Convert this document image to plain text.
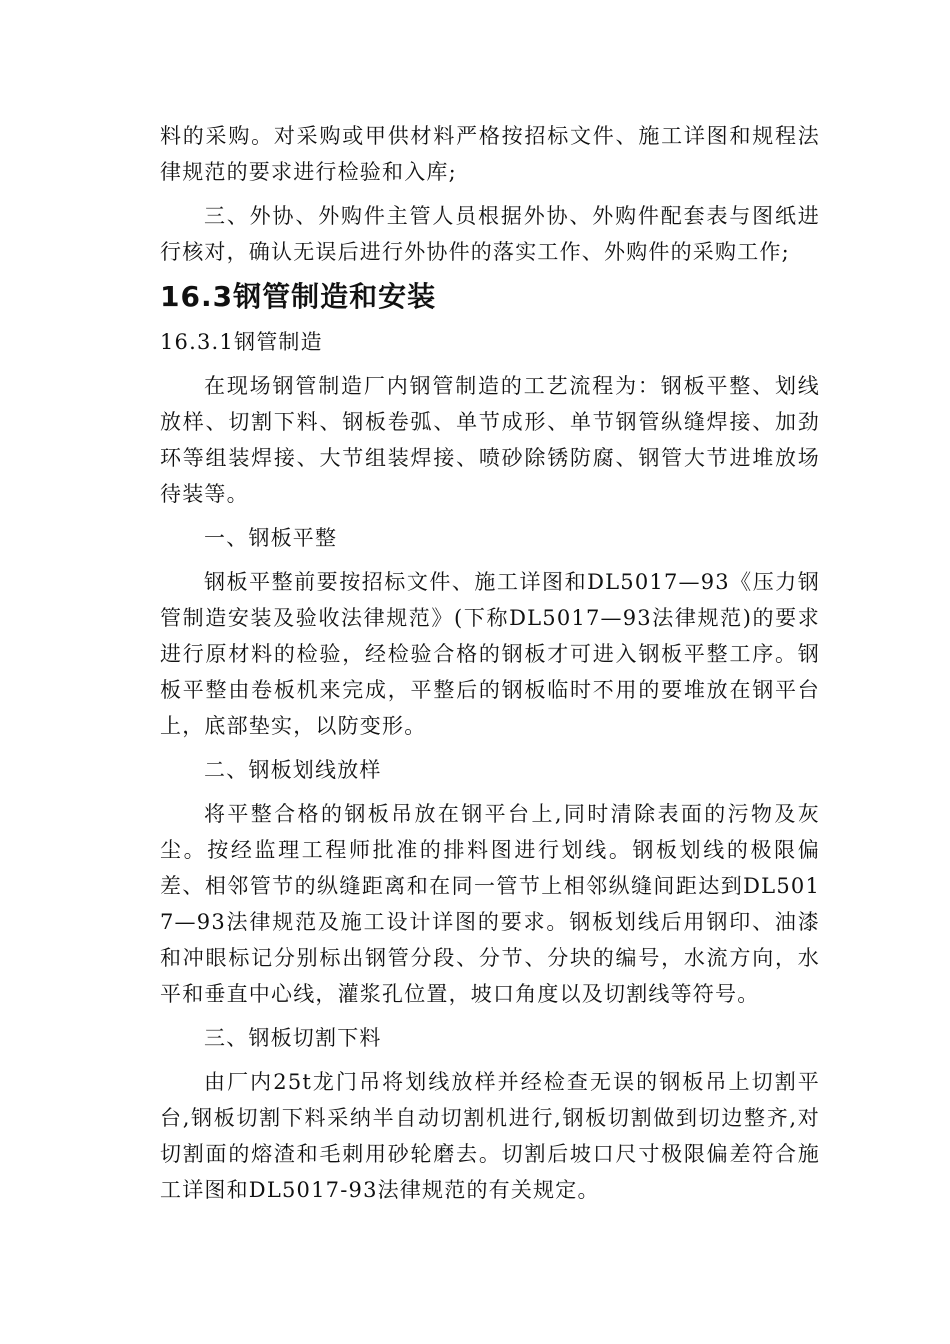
料的采购。对采购或甲供材料严格按招标文件、施工详图和规程法律规范的要求进行检验和入库;

三、外协、外购件主管人员根据外协、外购件配套表与图纸进行核对，确认无误后进行外协件的落实工作、外购件的采购工作;

16.3钢管制造和安装
16.3.1钢管制造

在现场钢管制造厂内钢管制造的工艺流程为：钢板平整、划线放样、切割下料、钢板卷弧、单节成形、单节钢管纵缝焊接、加劲环等组装焊接、大节组装焊接、喷砂除锈防腐、钢管大节进堆放场待装等。

一、钢板平整

钢板平整前要按招标文件、施工详图和DL5017—93《压力钢管制造安装及验收法律规范》(下称DL5017—93法律规范)的要求进行原材料的检验，经检验合格的钢板才可进入钢板平整工序。钢板平整由卷板机来完成，平整后的钢板临时不用的要堆放在钢平台上，底部垫实，以防变形。

二、钢板划线放样

将平整合格的钢板吊放在钢平台上,同时清除表面的污物及灰尘。按经监理工程师批准的排料图进行划线。钢板划线的极限偏差、相邻管节的纵缝距离和在同一管节上相邻纵缝间距达到DL5017—93法律规范及施工设计详图的要求。钢板划线后用钢印、油漆和冲眼标记分别标出钢管分段、分节、分块的编号，水流方向，水平和垂直中心线，灌浆孔位置，坡口角度以及切割线等符号。

三、钢板切割下料

由厂内25t龙门吊将划线放样并经检查无误的钢板吊上切割平台,钢板切割下料采纳半自动切割机进行,钢板切割做到切边整齐,对切割面的熔渣和毛刺用砂轮磨去。切割后坡口尺寸极限偏差符合施工详图和DL5017-93法律规范的有关规定。
